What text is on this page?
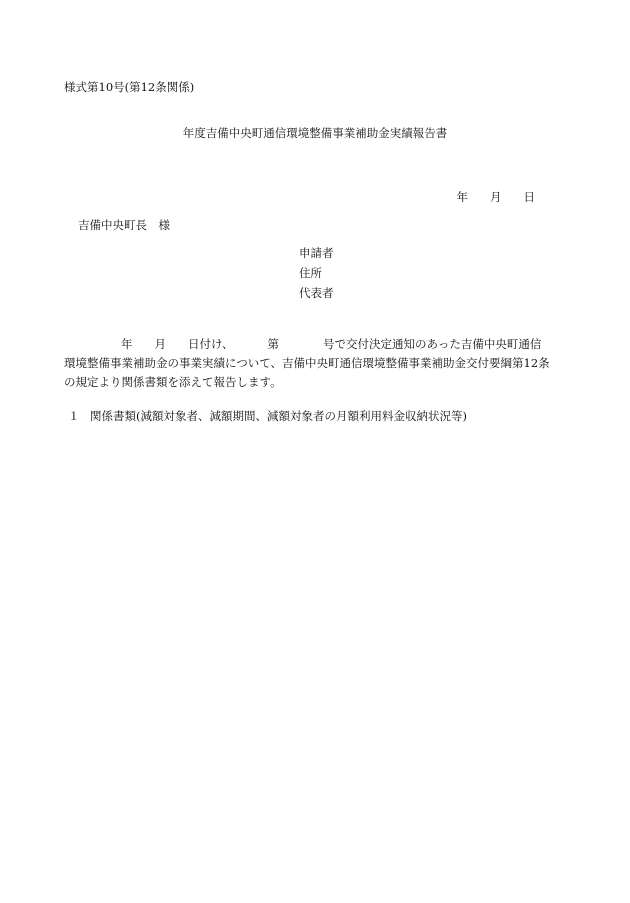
様式第10号(第12条関係)
年度吉備中央町通信環境整備事業補助金実績報告書
年 月 日
吉備中央町長　様
申請者
住所
代表者
年 月 日付け、	第	号で交付決定通知のあった吉備中央町通信
環境整備事業補助金の事業実績について、吉備中央町通信環境整備事業補助金交付要綱第12条
の規定より関係書類を添えて報告します。
１ 関係書類(減額対象者、減額期間、減額対象者の月額利用料金収納状況等)
